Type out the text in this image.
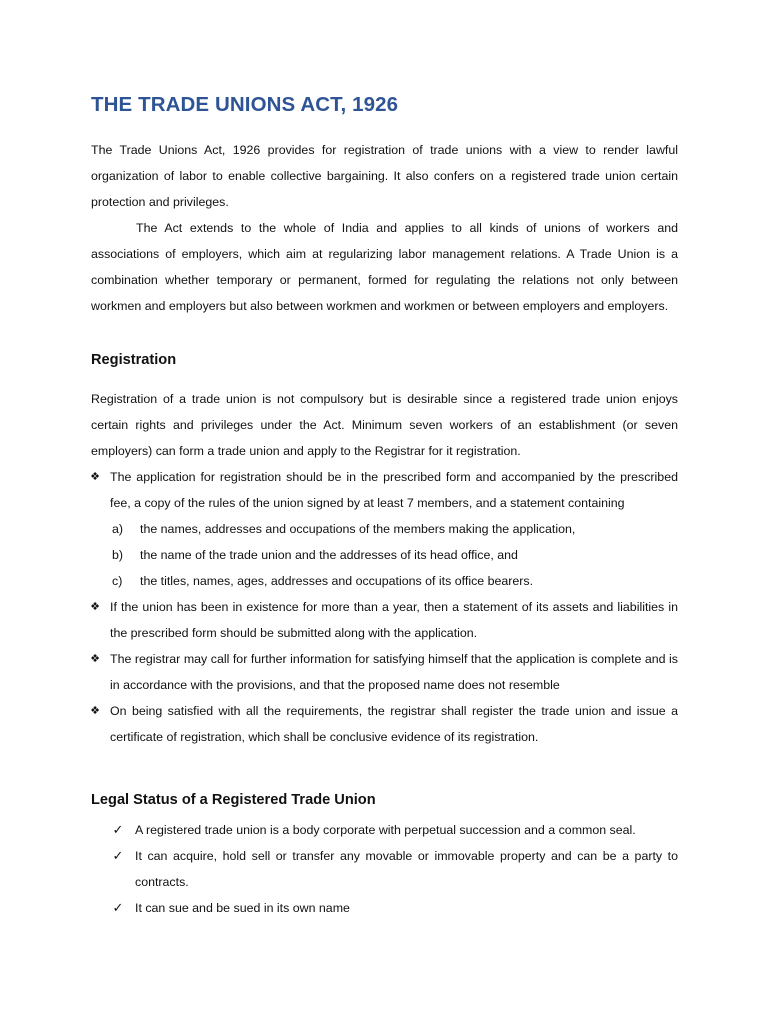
THE TRADE UNIONS ACT, 1926

The Trade Unions Act, 1926 provides for registration of trade unions with a view to render lawful organization of labor to enable collective bargaining. It also confers on a registered trade union certain protection and privileges.

The Act extends to the whole of India and applies to all kinds of unions of workers and associations of employers, which aim at regularizing labor management relations. A Trade Union is a combination whether temporary or permanent, formed for regulating the relations not only between workmen and employers but also between workmen and workmen or between employers and employers.

Registration

Registration of a trade union is not compulsory but is desirable since a registered trade union enjoys certain rights and privileges under the Act. Minimum seven workers of an establishment (or seven employers) can form a trade union and apply to the Registrar for it registration.

❖ The application for registration should be in the prescribed form and accompanied by the prescribed fee, a copy of the rules of the union signed by at least 7 members, and a statement containing
a) the names, addresses and occupations of the members making the application,
b) the name of the trade union and the addresses of its head office, and
c) the titles, names, ages, addresses and occupations of its office bearers.
❖ If the union has been in existence for more than a year, then a statement of its assets and liabilities in the prescribed form should be submitted along with the application.
❖ The registrar may call for further information for satisfying himself that the application is complete and is in accordance with the provisions, and that the proposed name does not resemble
❖ On being satisfied with all the requirements, the registrar shall register the trade union and issue a certificate of registration, which shall be conclusive evidence of its registration.
Legal Status of a Registered Trade Union
✓ A registered trade union is a body corporate with perpetual succession and a common seal.
✓ It can acquire, hold sell or transfer any movable or immovable property and can be a party to contracts.
✓ It can sue and be sued in its own name
